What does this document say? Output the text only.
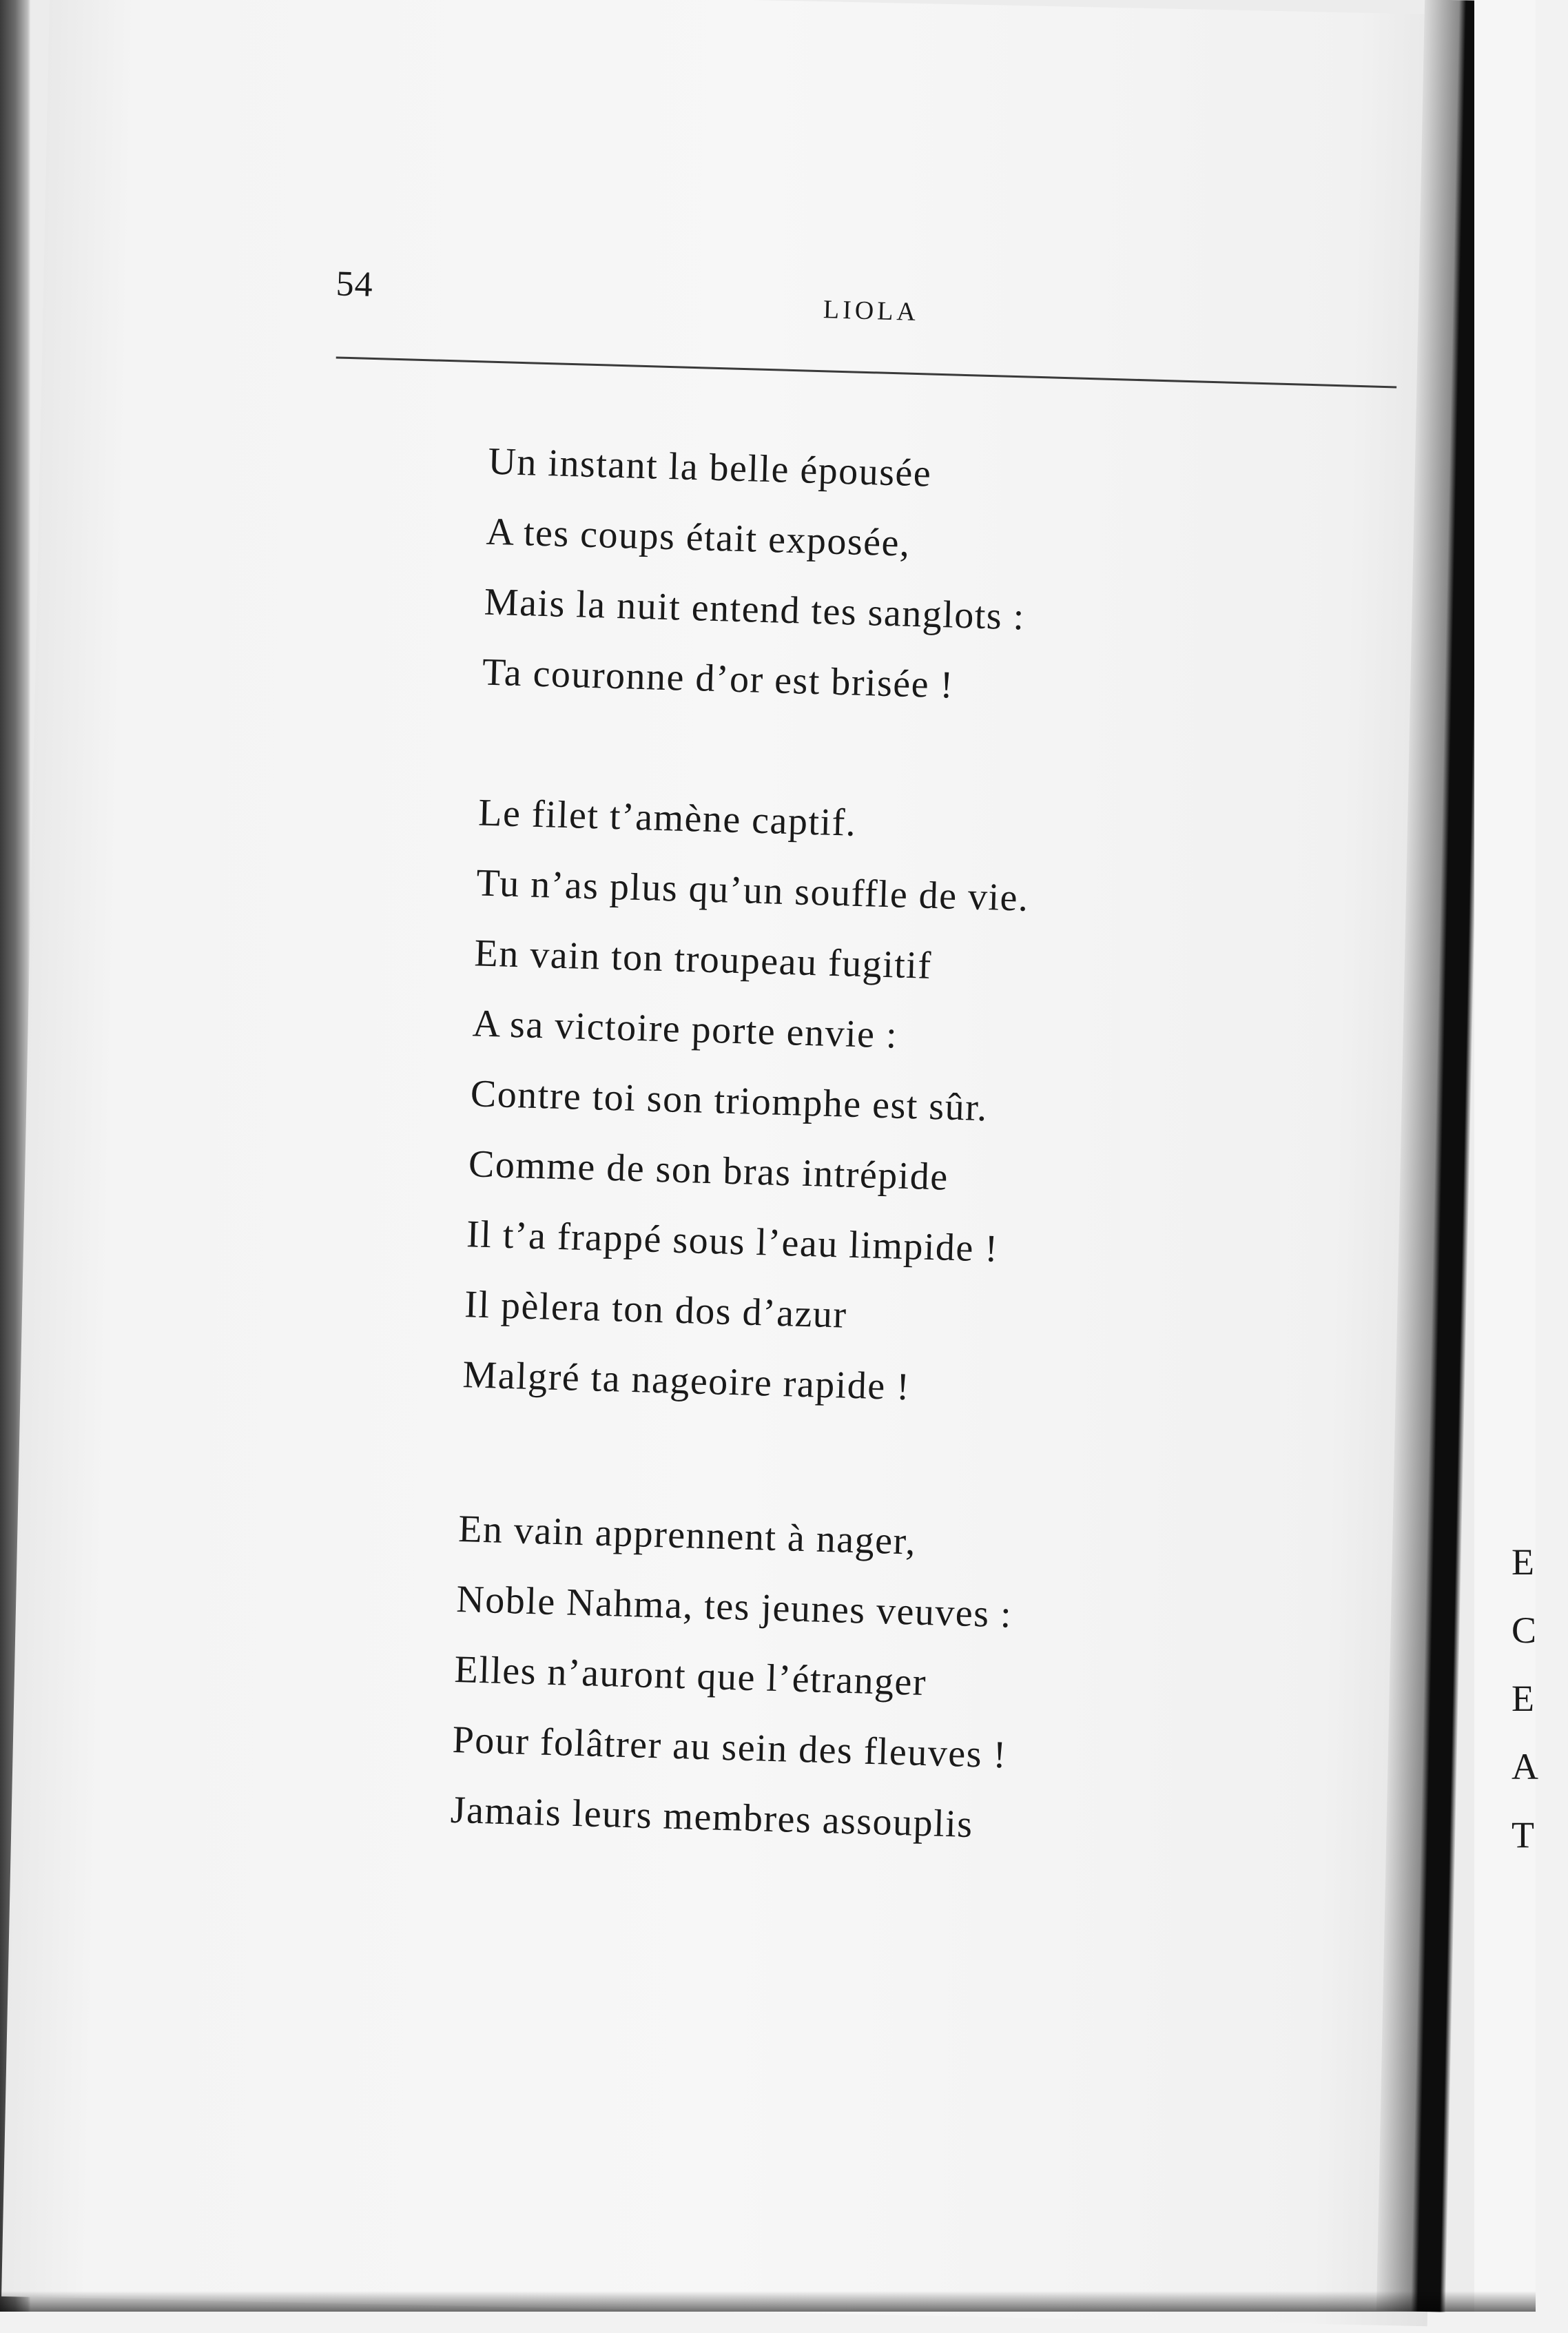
54
LIOLA
Un instant la belle épousée
A tes coups était exposée,
Mais la nuit entend tes sanglots :
Ta couronne d’or est brisée !
Le filet t’amène captif.
Tu n’as plus qu’un souffle de vie.
En vain ton troupeau fugitif
A sa victoire porte envie :
Contre toi son triomphe est sûr.
Comme de son bras intrépide
Il t’a frappé sous l’eau limpide !
Il pèlera ton dos d’azur
Malgré ta nageoire rapide !
En vain apprennent à nager,
Noble Nahma, tes jeunes veuves :
Elles n’auront que l’étranger
Pour folâtrer au sein des fleuves !
Jamais leurs membres assouplis
E
C
E
A
T
